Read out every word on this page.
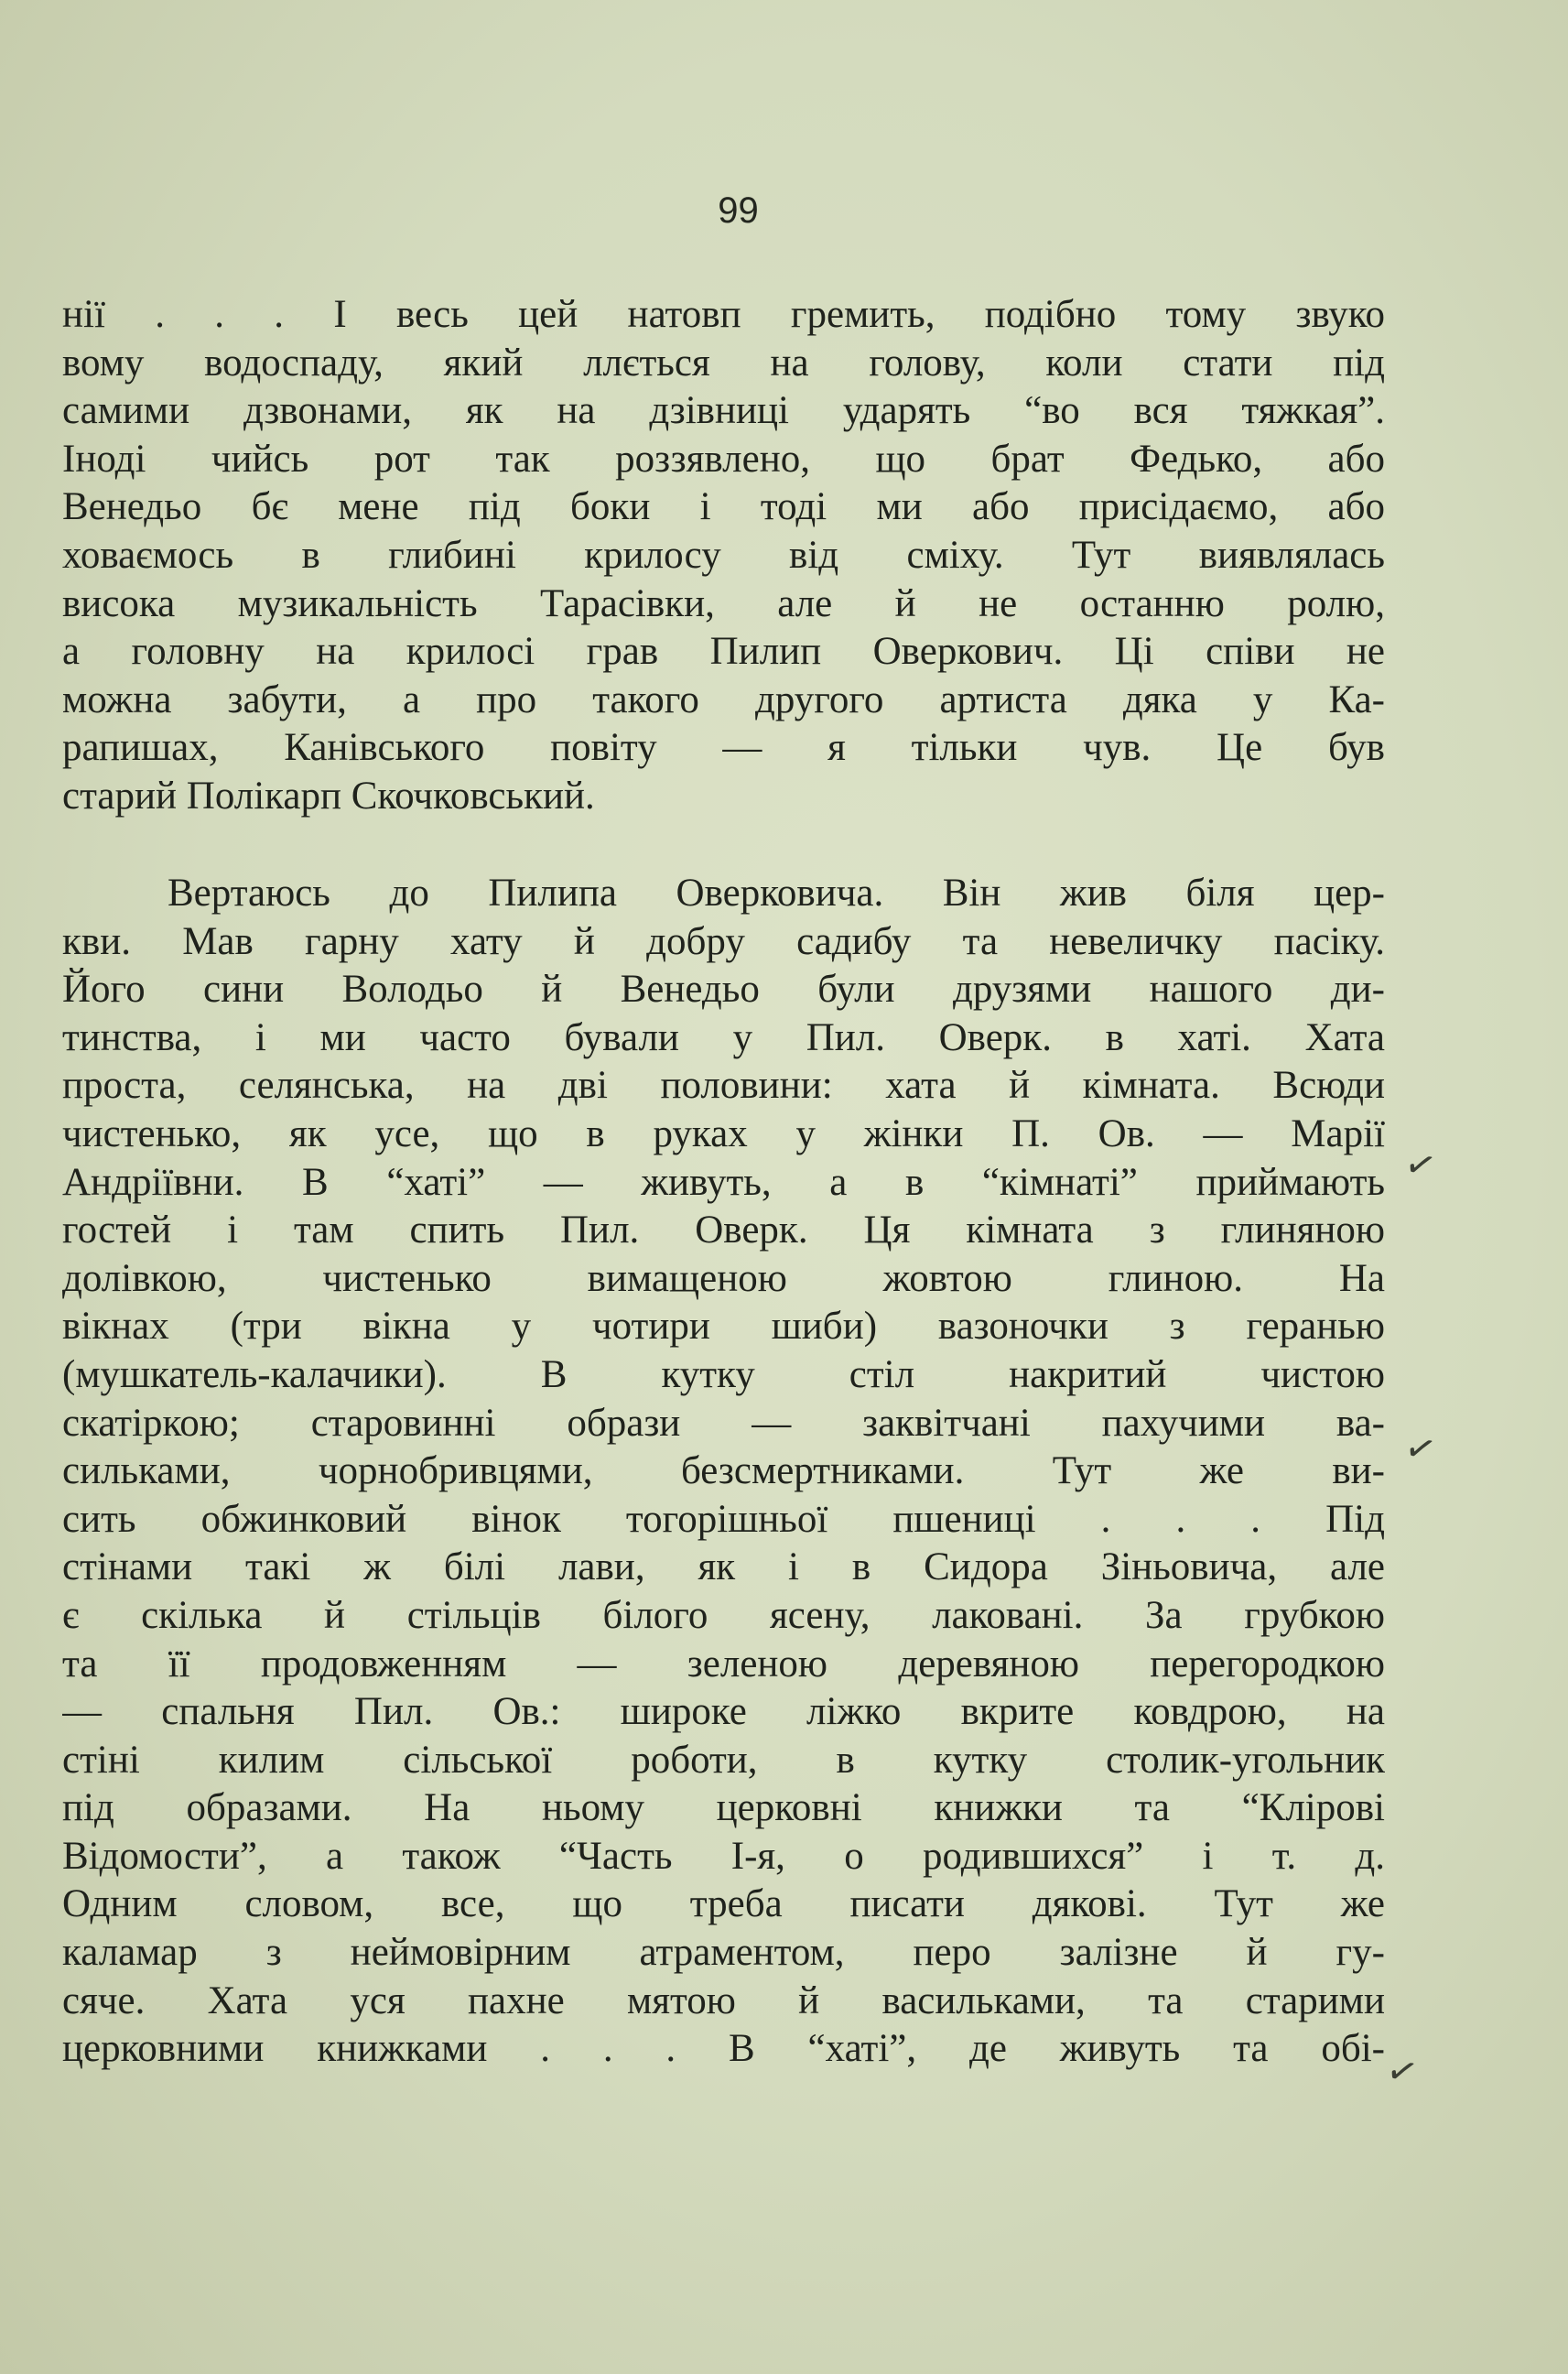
99
нії . . . І весь цей натовп гремить, подібно тому звуко
вому водоспаду, який ллється на голову, коли стати під
самими дзвонами, як на дзівниці ударять “во вся тяжкая”.
Іноді чийсь рот так роззявлено, що брат Федько, або
Венедьо бє мене під боки і тоді ми або присідаємо, або
ховаємось в глибині крилосу від сміху. Тут виявлялась
висока музикальність Тарасівки, але й не останню ролю,
а головну на крилосі грав Пилип Оверкович. Ці співи не
можна забути, а про такого другого артиста дяка у Ка-
рапишах, Канівського повіту — я тільки чув. Це був
старий Полікарп Скочковський.
Вертаюсь до Пилипа Оверковича. Він жив біля цер-
кви. Мав гарну хату й добру садибу та невеличку пасіку.
Його сини Володьо й Венедьо були друзями нашого ди-
тинства, і ми часто бували у Пил. Оверк. в хаті. Хата
проста, селянська, на дві половини: хата й кімната. Всюди
чистенько, як усе, що в руках у жінки П. Ов. — Марії
Андріївни. В “хаті” — живуть, а в “кімнаті” приймають
гостей і там спить Пил. Оверк. Ця кімната з глиняною
долівкою, чистенько вимащеною жовтою глиною. На
вікнах (три вікна у чотири шиби) вазоночки з геранью
(мушкатель-калачики). В кутку стіл накритий чистою
скатіркою; старовинні образи — заквітчані пахучими ва-
сильками, чорнобривцями, безсмертниками. Тут же ви-
сить обжинковий вінок тогорішньої пшениці . . . Під
стінами такі ж білі лави, як і в Сидора Зіньовича, але
є скілька й стільців білого ясену, лаковані. За грубкою
та її продовженням — зеленою деревяною перегородкою
— спальня Пил. Ов.: широке ліжко вкрите ковдрою, на
стіні килим сільської роботи, в кутку столик-угольник
під образами. На ньому церковні книжки та “Клірові
Відомости”, а також “Часть І-я, о родившихся” і т. д.
Одним словом, все, що треба писати дякові. Тут же
каламар з неймовірним атраментом, перо залізне й гу-
сяче. Хата уся пахне мятою й васильками, та старими
церковними книжками . . . В “хаті”, де живуть та обі-
✓
✓
✓
